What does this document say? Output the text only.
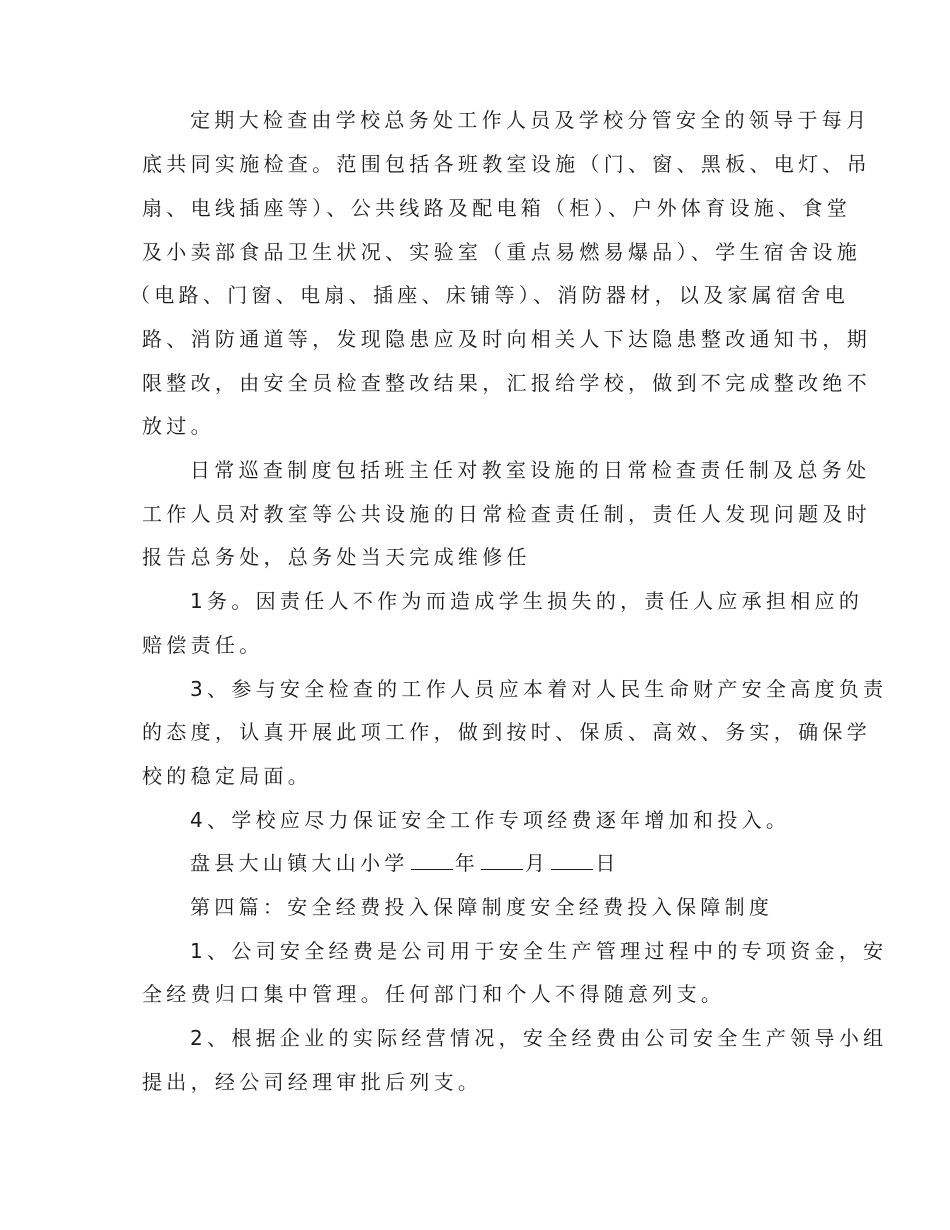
定期大检查由学校总务处工作人员及学校分管安全的领导于每月
底共同实施检查。范围包括各班教室设施（门、窗、黑板、电灯、吊
扇、电线插座等）、公共线路及配电箱（柜）、户外体育设施、食堂
及小卖部食品卫生状况、实验室（重点易燃易爆品）、学生宿舍设施
（电路、门窗、电扇、插座、床铺等）、消防器材，以及家属宿舍电
路、消防通道等，发现隐患应及时向相关人下达隐患整改通知书，期
限整改，由安全员检查整改结果，汇报给学校，做到不完成整改绝不
放过。
日常巡查制度包括班主任对教室设施的日常检查责任制及总务处
工作人员对教室等公共设施的日常检查责任制，责任人发现问题及时
报告总务处，总务处当天完成维修任
1务。因责任人不作为而造成学生损失的，责任人应承担相应的
赔偿责任。
3、参与安全检查的工作人员应本着对人民生命财产安全高度负责
的态度，认真开展此项工作，做到按时、保质、高效、务实，确保学
校的稳定局面。
4、学校应尽力保证安全工作专项经费逐年增加和投入。
盘县大山镇大山小学 年 月 日
第四篇：安全经费投入保障制度安全经费投入保障制度
1、公司安全经费是公司用于安全生产管理过程中的专项资金，安
全经费归口集中管理。任何部门和个人不得随意列支。
2、根据企业的实际经营情况，安全经费由公司安全生产领导小组
提出，经公司经理审批后列支。
